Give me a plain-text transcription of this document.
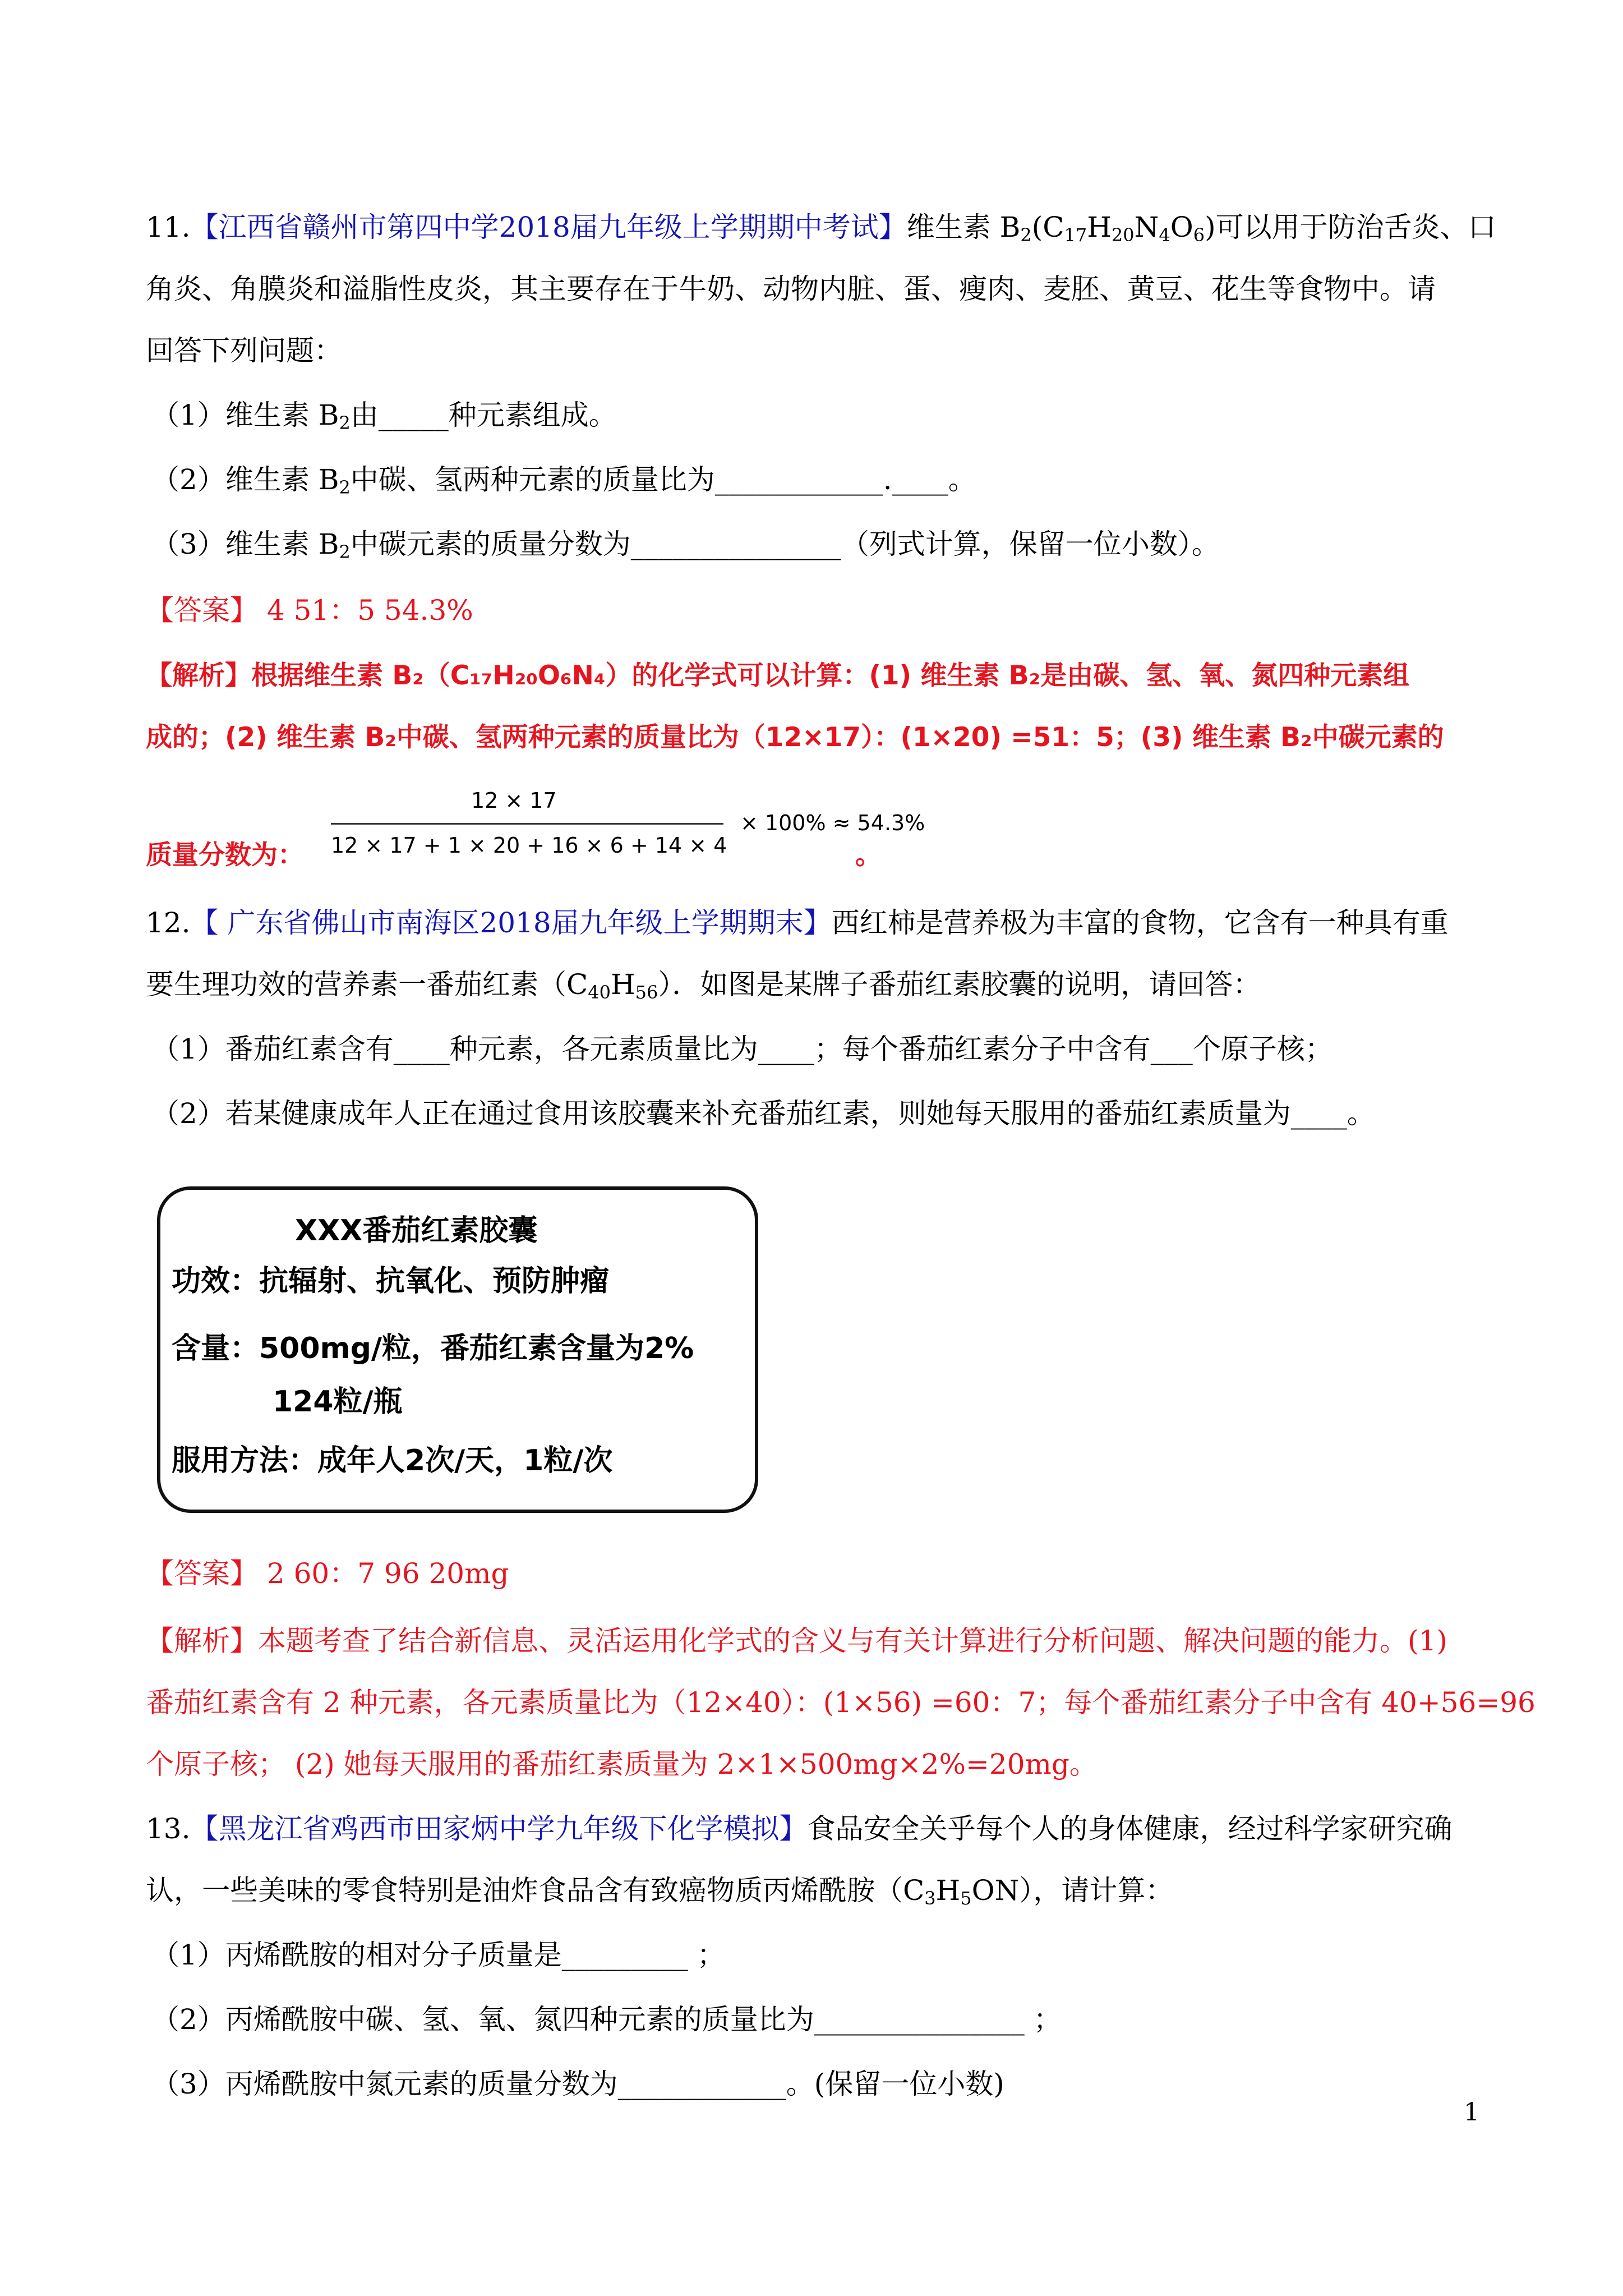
11.【江西省赣州市第四中学2018届九年级上学期期中考试】维生素 $B_2(C_{17}H_{20}N_4O_6)$可以用于防治舌炎、口
角炎、角膜炎和溢脂性皮炎，其主要存在于牛奶、动物内脏、蛋、瘦肉、麦胚、黄豆、花生等食物中。请
回答下列问题：
（1）维生素 $B_2$由_____种元素组成。
（2）维生素 $B_2$中碳、氢两种元素的质量比为____________.____。
（3）维生素 $B_2$中碳元素的质量分数为_______________（列式计算，保留一位小数）。
【答案】 4 51：5 54.3%
【解析】根据维生素 B₂（C₁₇H₂₀O₆N₄）的化学式可以计算：(1) 维生素 B₂是由碳、氢、氧、氮四种元素组
成的；(2) 维生素 B₂中碳、氢两种元素的质量比为（12×17）：(1×20) =51：5；(3) 维生素 B₂中碳元素的
12 × 17
12 × 17 + 1 × 20 + 16 × 6 + 14 × 4
× 100% ≈ 54.3%
质量分数为：	。
12.【 广东省佛山市南海区2018届九年级上学期期末】西红柿是营养极为丰富的食物，它含有一种具有重
要生理功效的营养素一番茄红素$(C_{40}H_{56})$．如图是某牌子番茄红素胶囊的说明，请回答：
（1）番茄红素含有____种元素，各元素质量比为____；每个番茄红素分子中含有___个原子核；
（2）若某健康成年人正在通过食用该胶囊来补充番茄红素，则她每天服用的番茄红素质量为____。
XXX番茄红素胶囊
功效：抗辐射、抗氧化、预防肿瘤
含量：500mg/粒，番茄红素含量为2%
124粒/瓶
服用方法：成年人2次/天，1粒/次
【答案】 2 60：7 96 20mg
【解析】本题考查了结合新信息、灵活运用化学式的含义与有关计算进行分析问题、解决问题的能力。(1)
番茄红素含有 2 种元素，各元素质量比为（12×40）：(1×56) =60：7；每个番茄红素分子中含有 40+56=96
个原子核； (2) 她每天服用的番茄红素质量为 2×1×500mg×2%=20mg。
13.【黑龙江省鸡西市田家炳中学九年级下化学模拟】食品安全关乎每个人的身体健康，经过科学家研究确
认，一些美味的零食特别是油炸食品含有致癌物质丙烯酰胺$(C_3H_5ON)$，请计算：
（1）丙烯酰胺的相对分子质量是_________ ；
（2）丙烯酰胺中碳、氢、氧、氮四种元素的质量比为_______________ ；
（3）丙烯酰胺中氮元素的质量分数为____________。(保留一位小数)
1
